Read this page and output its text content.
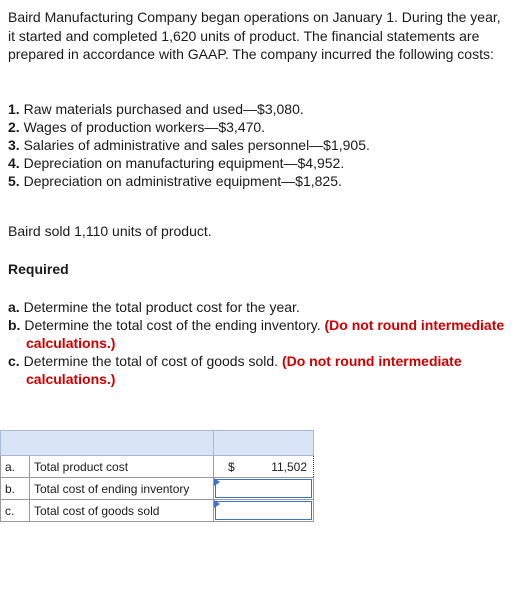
Baird Manufacturing Company began operations on January 1. During the year, it started and completed 1,620 units of product. The financial statements are prepared in accordance with GAAP. The company incurred the following costs:

1. Raw materials purchased and used—$3,080.
2. Wages of production workers—$3,470.
3. Salaries of administrative and sales personnel—$1,905.
4. Depreciation on manufacturing equipment—$4,952.
5. Depreciation on administrative equipment—$1,825.

Baird sold 1,110 units of product.

Required

a. Determine the total product cost for the year.
b. Determine the total cost of the ending inventory. (Do not round intermediate calculations.)
c. Determine the total of cost of goods sold. (Do not round intermediate calculations.)

a.	Total product cost	$ 11,502

b.	Total cost of ending inventory	

c.	Total cost of goods sold	
